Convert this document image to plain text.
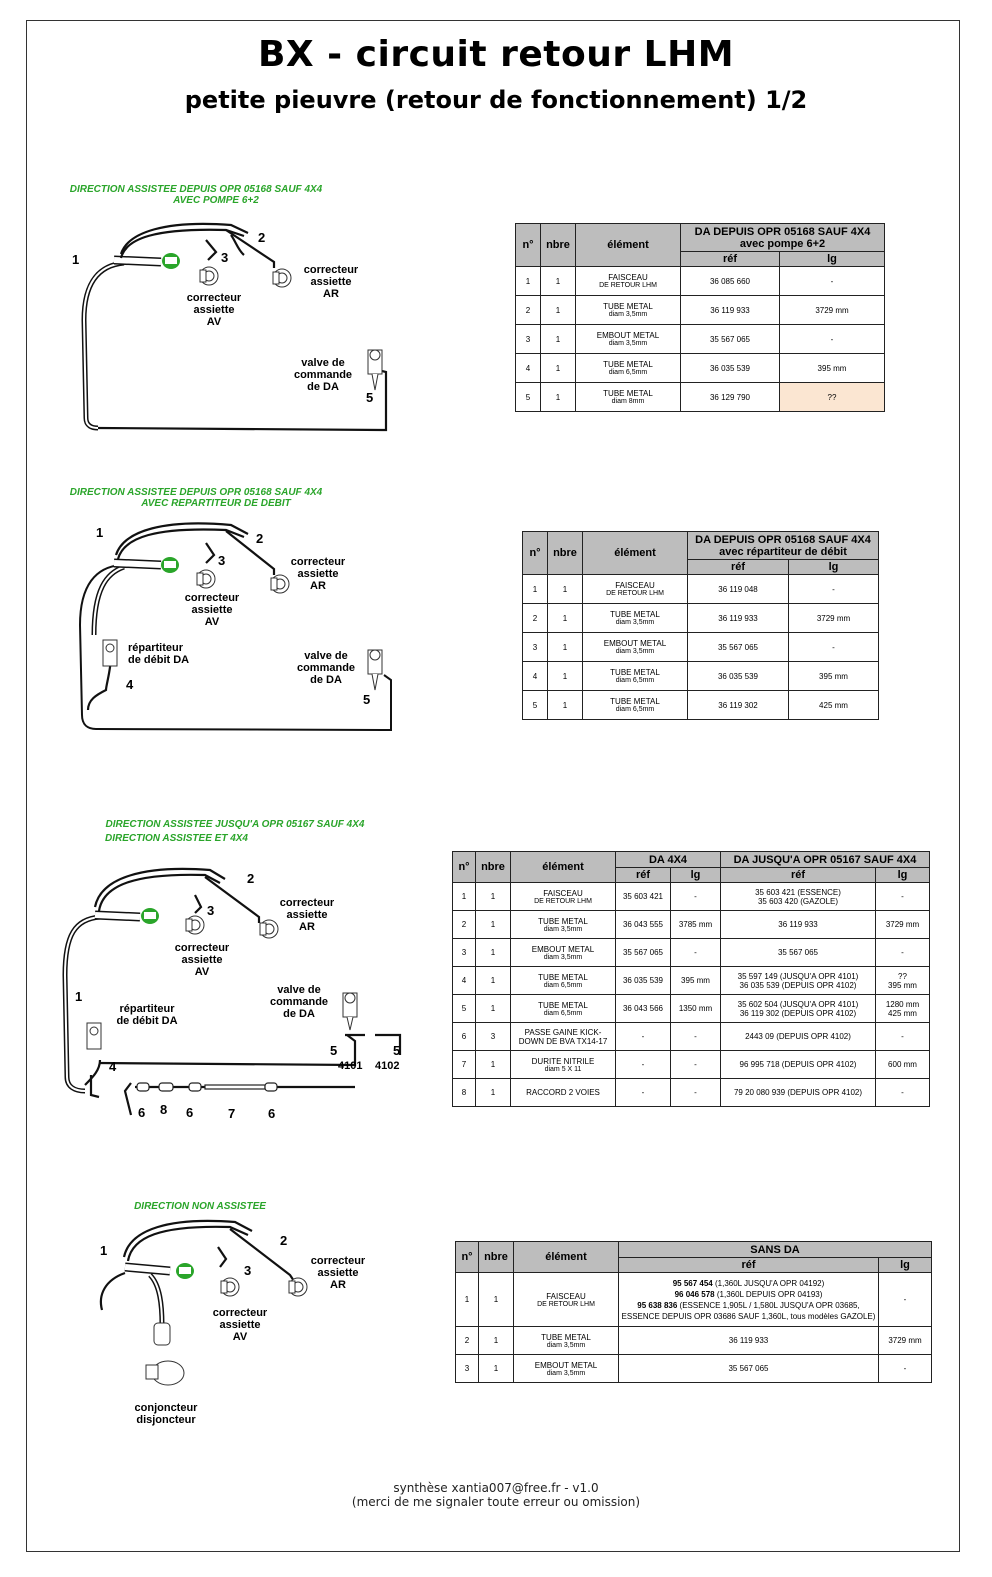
BX - circuit retour LHM
petite pieuvre (retour de fonctionnement) 1/2
DIRECTION ASSISTEE DEPUIS OPR 05168 SAUF 4X4
AVEC POMPE 6+2
1
2
3
5
correcteur
assiette
AV
correcteur
assiette
AR
valve de
commande
de DA
n°	nbre	élément	DA DEPUIS OPR 05168 SAUF 4X4
avec pompe 6+2	
			réf	lg
1	1	FAISCEAU
DE RETOUR LHM	36 085 660	-
2	1	TUBE METAL
diam 3,5mm	36 119 933	3729 mm
3	1	EMBOUT METAL
diam 3,5mm	35 567 065	-
4	1	TUBE METAL
diam 6,5mm	36 035 539	395 mm
5	1	TUBE METAL
diam 8mm	36 129 790	??
DIRECTION ASSISTEE DEPUIS OPR 05168 SAUF 4X4
AVEC REPARTITEUR DE DEBIT
1	2
3
4
5
correcteur
assiette
AV
correcteur
assiette
AR
répartiteur
de débit DA	valve de
commande
de DA
n°	nbre	élément	DA DEPUIS OPR 05168 SAUF 4X4
avec répartiteur de débit	
			réf	lg
1	1	FAISCEAU
DE RETOUR LHM	36 119 048	-
2	1	TUBE METAL
diam 3,5mm	36 119 933	3729 mm
3	1	EMBOUT METAL
diam 3,5mm	35 567 065	-
4	1	TUBE METAL
diam 6,5mm	36 035 539	395 mm
5	1	TUBE METAL
diam 6,5mm	36 119 302	425 mm
DIRECTION ASSISTEE JUSQU'A OPR 05167 SAUF 4X4
DIRECTION ASSISTEE ET 4X4
2
3
1
4
5	5
4101 4102
6 8 6	7	6
correcteur
assiette
AV
correcteur
assiette
AR
répartiteur
de débit DA
valve de
commande
de DA
n°	nbre	élément	DA 4X4		DA JUSQU'A OPR 05167 SAUF 4X4	
			réf	lg	réf	lg
1	1	FAISCEAU
DE RETOUR LHM	35 603 421	-	35 603 421 (ESSENCE)
35 603 420 (GAZOLE)	-

2	1	TUBE METAL
diam 3,5mm	36 043 555	3785 mm	36 119 933	3729 mm
3	1	EMBOUT METAL
diam 3,5mm	35 567 065	-	35 567 065	-
4	1	TUBE METAL
diam 6,5mm	36 035 539	395 mm	35 597 149 (JUSQU'A OPR 4101)
36 035 539 (DEPUIS OPR 4102)	??
395 mm
5	1	TUBE METAL
diam 6,5mm	36 043 566	1350 mm	35 602 504 (JUSQU'A OPR 4101)
36 119 302 (DEPUIS OPR 4102)	1280 mm
425 mm
6	3	PASSE GAINE KICK-
DOWN DE BVA TX14-17	-	-	2443 09 (DEPUIS OPR 4102)	-
7	1	DURITE NITRILE
diam 5 X 11	-	-	96 995 718 (DEPUIS OPR 4102)	600 mm
8	1	RACCORD 2 VOIES	-	-	79 20 080 939 (DEPUIS OPR 4102)	-
DIRECTION NON ASSISTEE
1
2
3
correcteur
assiette
AV
correcteur
assiette
AR
conjoncteur
disjoncteur
n°	nbre	élément	SANS DA	
			réf	lg
1	1	FAISCEAU
DE RETOUR LHM	95 567 454 (1,360L JUSQU'A OPR 04192)
96 046 578 (1,360L DEPUIS OPR 04193)
95 638 836 (ESSENCE 1,905L / 1,580L JUSQU'A OPR 03685,
ESSENCE DEPUIS OPR 03686 SAUF 1,360L, tous modèles GAZOLE)	-
2	1	TUBE METAL
diam 3,5mm	36 119 933	3729 mm
3	1	EMBOUT METAL
diam 3,5mm	35 567 065	-
synthèse xantia007@free.fr - v1.0
(merci de me signaler toute erreur ou omission)
